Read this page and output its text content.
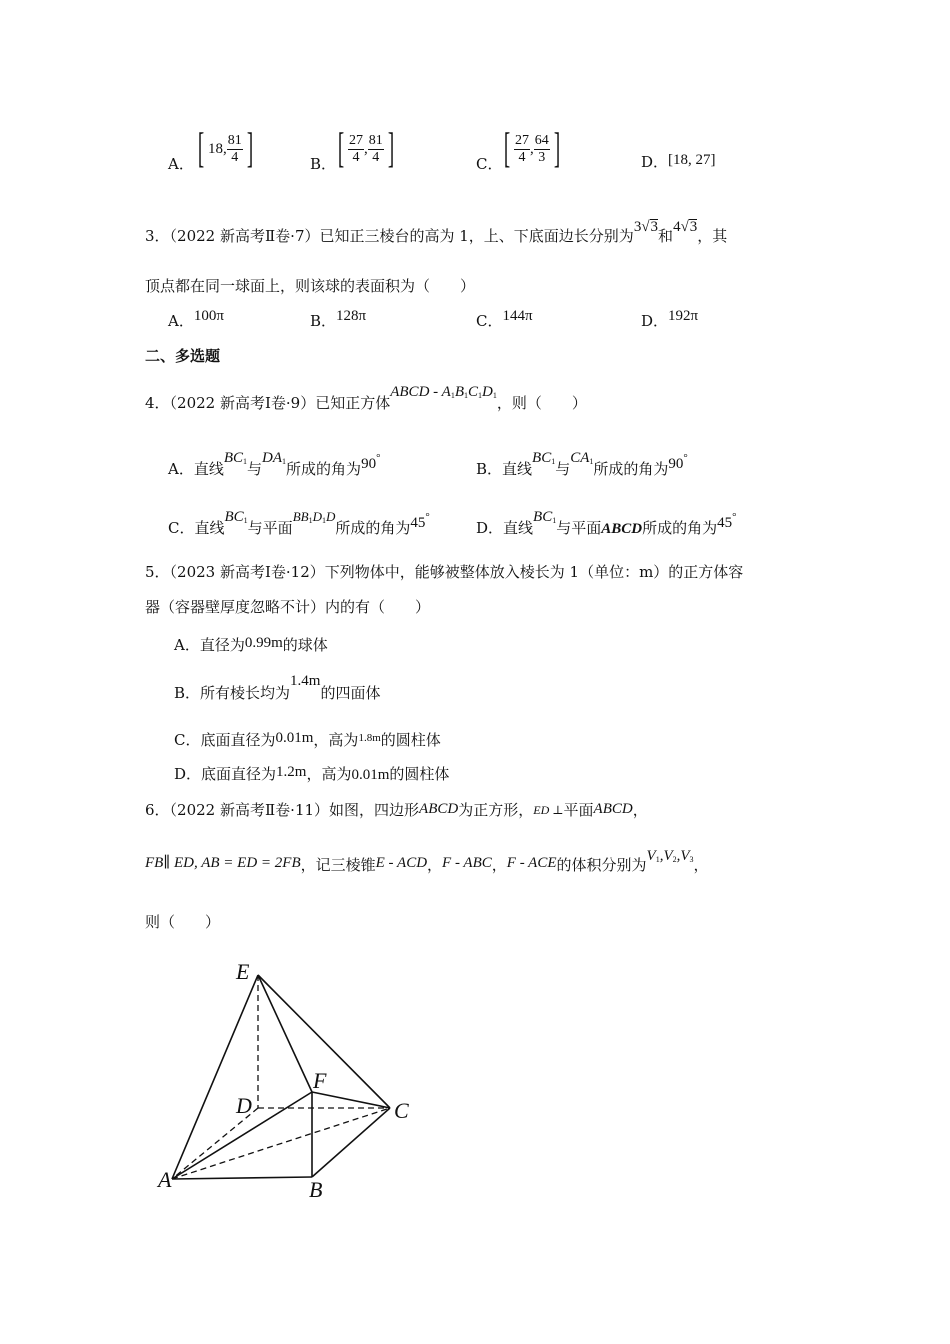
A． [ 18, $\frac{81}{4}$ ]	B． [ $\frac{27}{4}$ , $\frac{81}{4}$ ]	C． [ $\frac{27}{4}$ , $\frac{64}{3}$ ]	D．[18, 27]
3．（2022 新高考Ⅱ卷·7）已知正三棱台的高为 1，上、下底面边长分别为3√3和4√3，其
顶点都在同一球面上，则该球的表面积为（　　）
A．100π	B．128π	C．144π	D．192π
二、多选题
4．（2022 新高考Ⅰ卷·9）已知正方体ABCD - $A_1B_1C_1D_1$，则（　　）
A．直线$BC_1$与$DA_1$所成的角为90°
B．直线$BC_1$与$CA_1$所成的角为90°
C．直线$BC_1$与平面$BB_1D_1D$所成的角为45°
D．直线$BC_1$与平面ABCD所成的角为45°
5．（2023 新高考Ⅰ卷·12）下列物体中，能够被整体放入棱长为 1（单位：m）的正方体容
器（容器壁厚度忽略不计）内的有（　　）
A．直径为0.99m的球体
B．所有棱长均为1.4m的四面体
C．底面直径为0.01m，高为$^{1.8m}$的圆柱体
D．底面直径为1.2m，高为0.01m的圆柱体
6．（2022 新高考Ⅱ卷·11）如图，四边形ABCD为正方形，ED ⊥平面ABCD，
FB∥ ED, AB = ED = 2FB，记三棱锥E - ACD，F - ABC，F - ACE的体积分别为$V_1,V_2,V_3$，
则（　　）
E
F
D	C
A	B
